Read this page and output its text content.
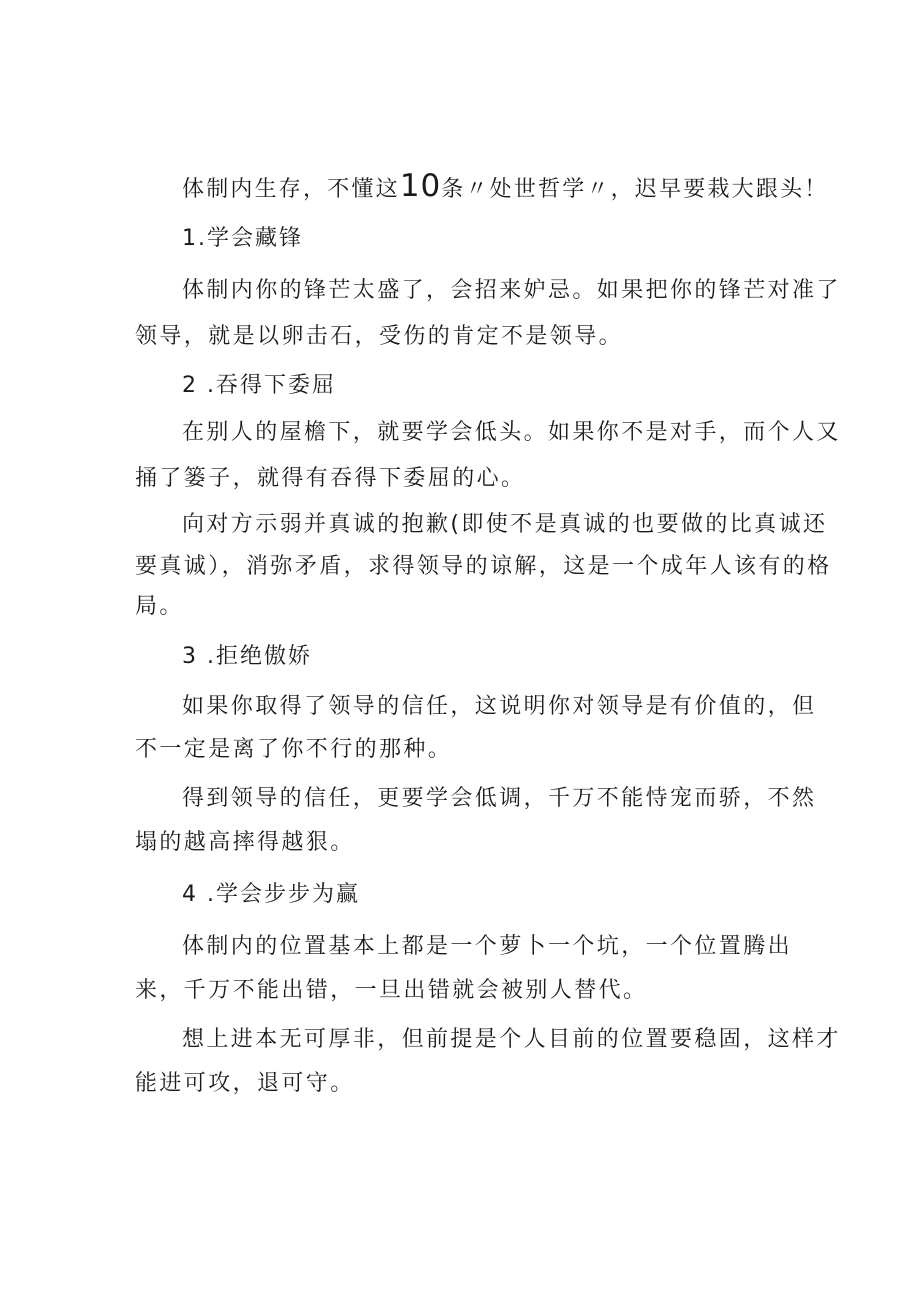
体制内生存，不懂这10条〃处世哲学〃，迟早要栽大跟头！
1.学会藏锋
体制内你的锋芒太盛了，会招来妒忌。如果把你的锋芒对准了
领导，就是以卵击石，受伤的肯定不是领导。
2 .吞得下委屈
在别人的屋檐下，就要学会低头。如果你不是对手，而个人又
捅了篓子，就得有吞得下委屈的心。
向对方示弱并真诚的抱歉(即使不是真诚的也要做的比真诚还
要真诚），消弥矛盾，求得领导的谅解，这是一个成年人该有的格
局。
3 .拒绝傲娇
如果你取得了领导的信任，这说明你对领导是有价值的，但
不一定是离了你不行的那种。
得到领导的信任，更要学会低调，千万不能恃宠而骄，不然
塌的越高摔得越狠。
4 .学会步步为赢
体制内的位置基本上都是一个萝卜一个坑，一个位置腾出
来，千万不能出错，一旦出错就会被别人替代。
想上进本无可厚非，但前提是个人目前的位置要稳固，这样才
能进可攻，退可守。
